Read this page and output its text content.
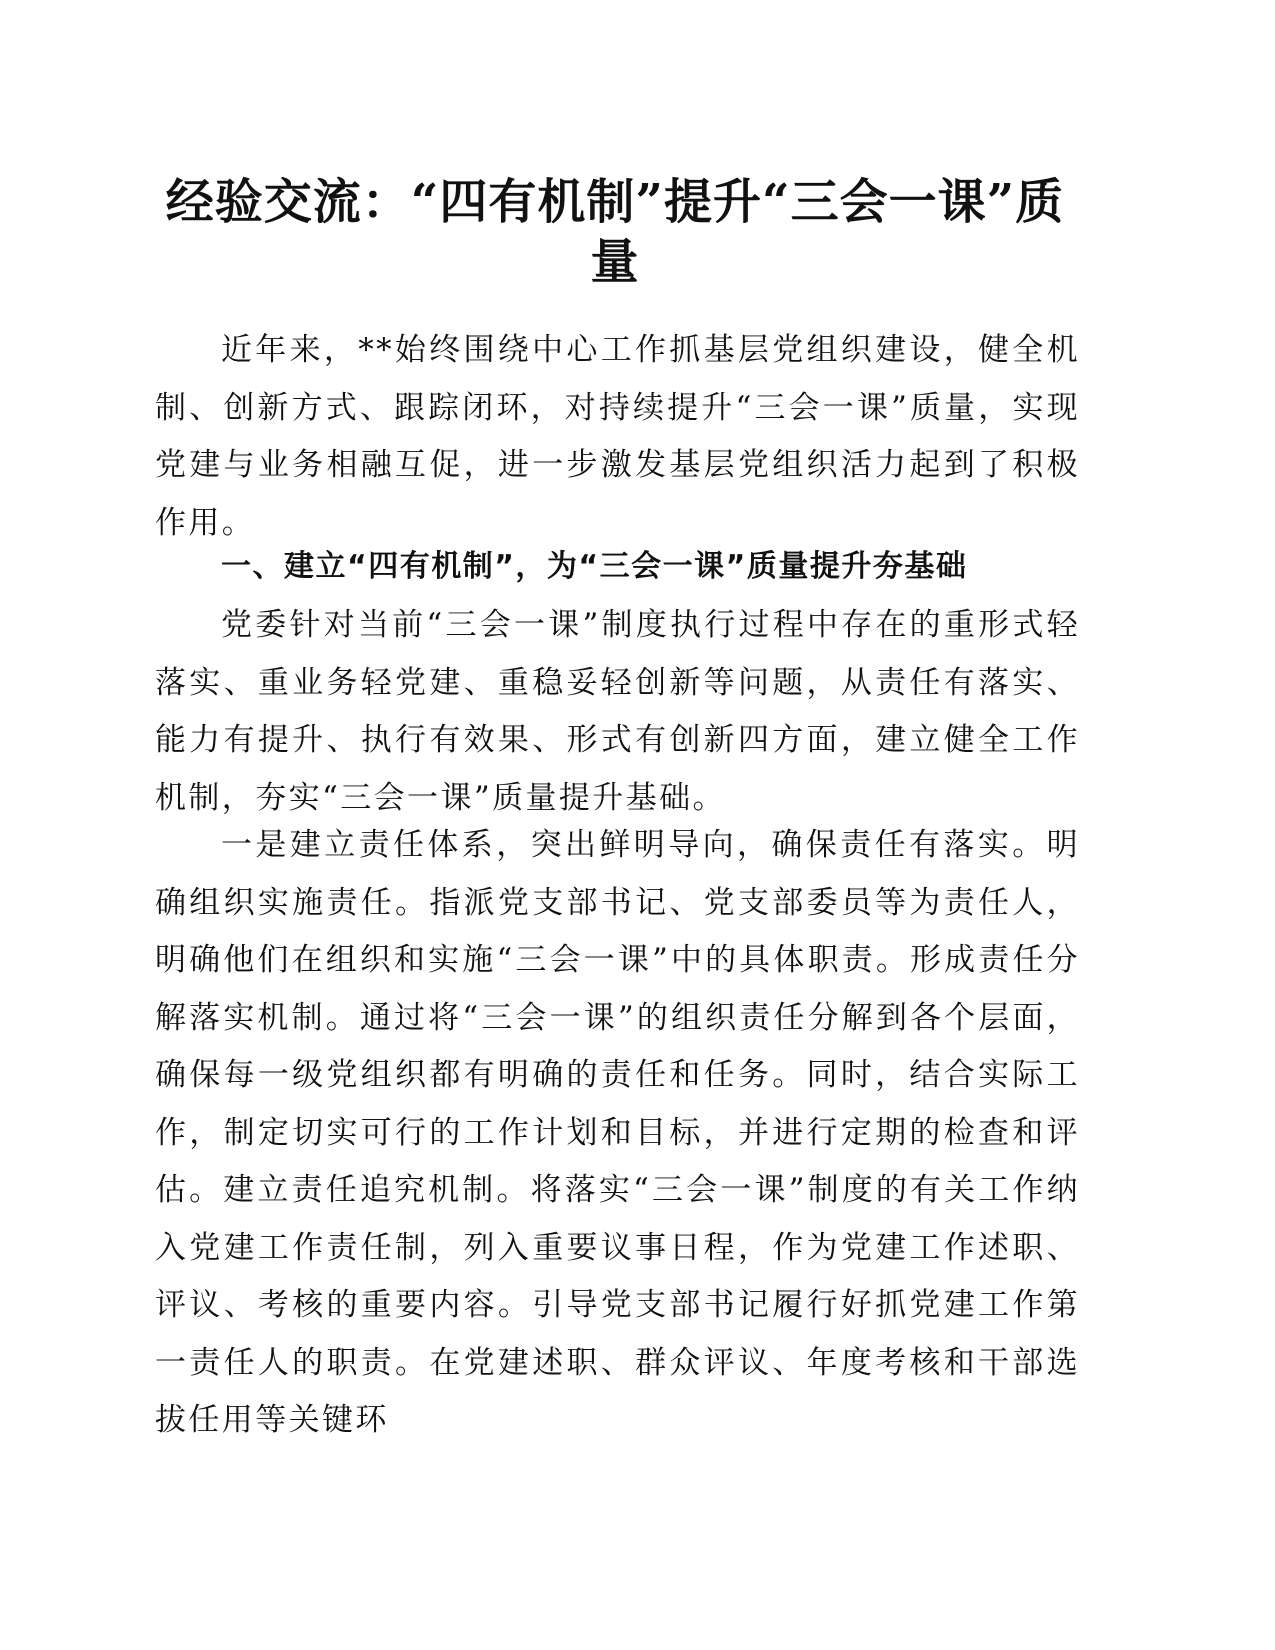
经验交流：“四有机制”提升“三会一课”质量

近年来，**始终围绕中心工作抓基层党组织建设，健全机制、创新方式、跟踪闭环，对持续提升“三会一课”质量，实现党建与业务相融互促，进一步激发基层党组织活力起到了积极作用。

一、建立“四有机制”，为“三会一课”质量提升夯基础

党委针对当前“三会一课”制度执行过程中存在的重形式轻落实、重业务轻党建、重稳妥轻创新等问题，从责任有落实、能力有提升、执行有效果、形式有创新四方面，建立健全工作机制，夯实“三会一课”质量提升基础。

一是建立责任体系，突出鲜明导向，确保责任有落实。明确组织实施责任。指派党支部书记、党支部委员等为责任人，明确他们在组织和实施“三会一课”中的具体职责。形成责任分解落实机制。通过将“三会一课”的组织责任分解到各个层面，确保每一级党组织都有明确的责任和任务。同时，结合实际工作，制定切实可行的工作计划和目标，并进行定期的检查和评估。建立责任追究机制。将落实“三会一课”制度的有关工作纳入党建工作责任制，列入重要议事日程，作为党建工作述职、评议、考核的重要内容。引导党支部书记履行好抓党建工作第一责任人的职责。在党建述职、群众评议、年度考核和干部选拔任用等关键环
